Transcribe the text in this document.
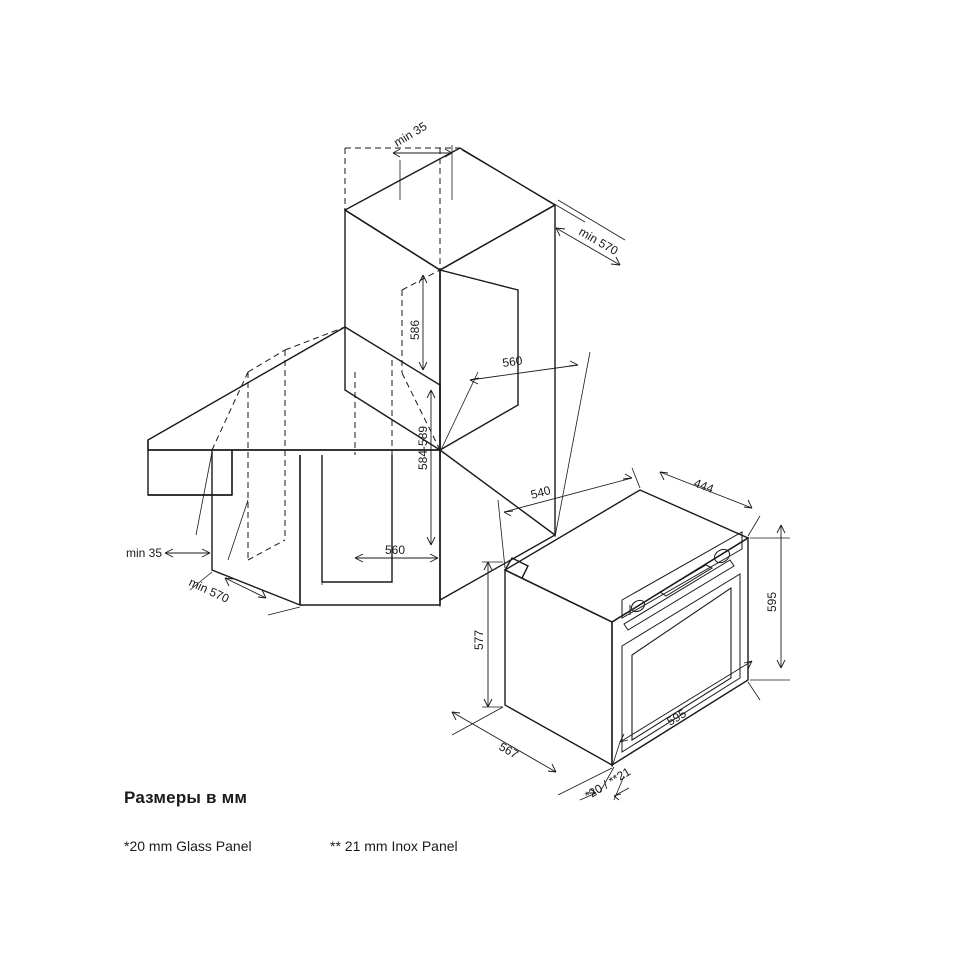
min 35
min 570
586
560
584-589
560
min 35
min 570
540	444
595
577
595
567
*20 / **21
Размеры в мм
*20 mm Glass Panel	** 21 mm Inox Panel
